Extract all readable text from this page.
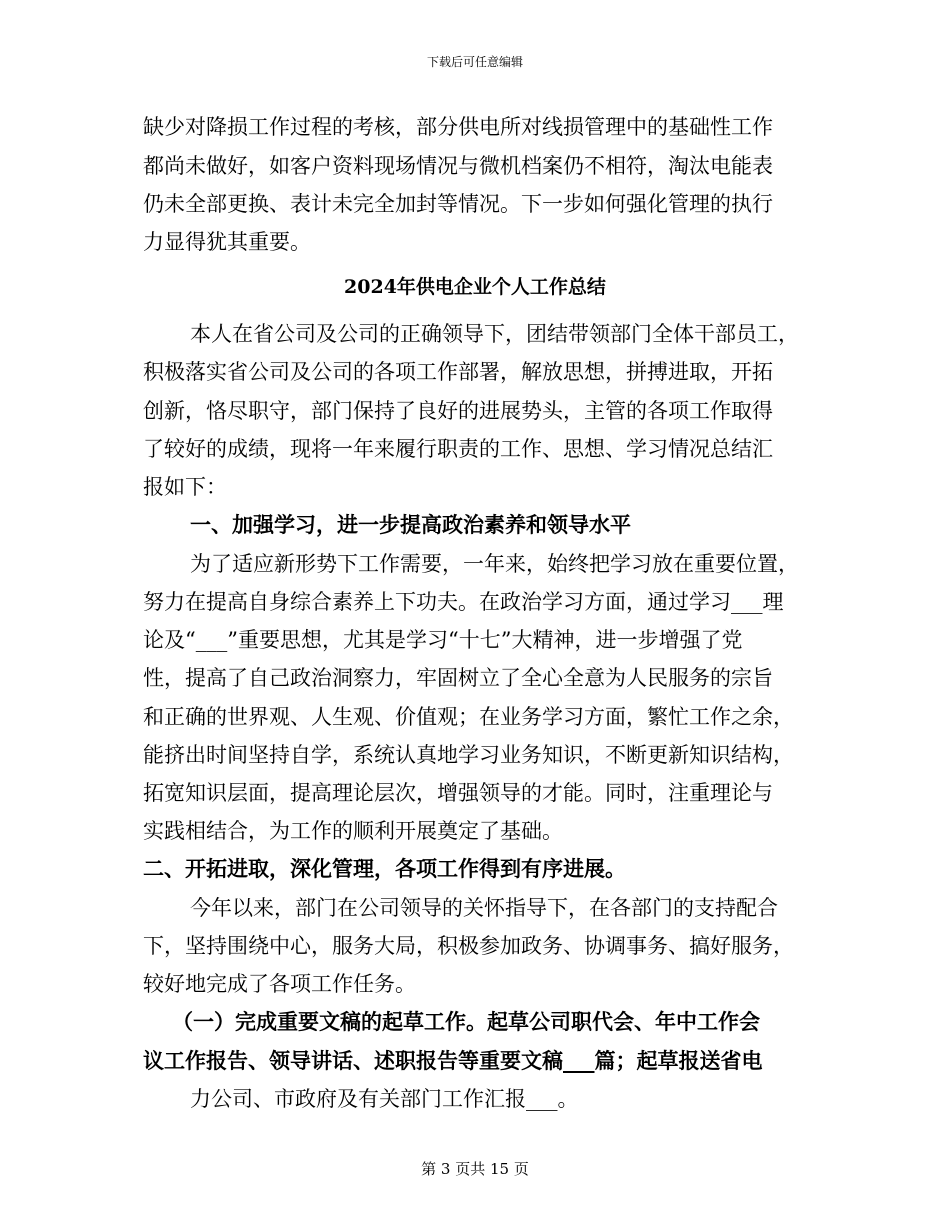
下载后可任意编辑
缺少对降损工作过程的考核，部分供电所对线损管理中的基础性工作
都尚未做好，如客户资料现场情况与微机档案仍不相符，淘汰电能表
仍未全部更换、表计未完全加封等情况。下一步如何强化管理的执行
力显得犹其重要。
2024年供电企业个人工作总结
本人在省公司及公司的正确领导下，团结带领部门全体干部员工，
积极落实省公司及公司的各项工作部署，解放思想，拼搏进取，开拓
创新，恪尽职守，部门保持了良好的进展势头，主管的各项工作取得
了较好的成绩，现将一年来履行职责的工作、思想、学习情况总结汇
报如下：
一、加强学习，进一步提高政治素养和领导水平
为了适应新形势下工作需要，一年来，始终把学习放在重要位置，
努力在提高自身综合素养上下功夫。在政治学习方面，通过学习___理
论及“___”重要思想，尤其是学习“十七”大精神，进一步增强了党
性，提高了自己政治洞察力，牢固树立了全心全意为人民服务的宗旨
和正确的世界观、人生观、价值观；在业务学习方面，繁忙工作之余，
能挤出时间坚持自学，系统认真地学习业务知识，不断更新知识结构，
拓宽知识层面，提高理论层次，增强领导的才能。同时，注重理论与
实践相结合，为工作的顺利开展奠定了基础。
二、开拓进取，深化管理，各项工作得到有序进展。
今年以来，部门在公司领导的关怀指导下，在各部门的支持配合
下，坚持围绕中心，服务大局，积极参加政务、协调事务、搞好服务，
较好地完成了各项工作任务。
（一）完成重要文稿的起草工作。起草公司职代会、年中工作会
议工作报告、领导讲话、述职报告等重要文稿___篇；起草报送省电
力公司、市政府及有关部门工作汇报___。
第 3 页共 15 页
